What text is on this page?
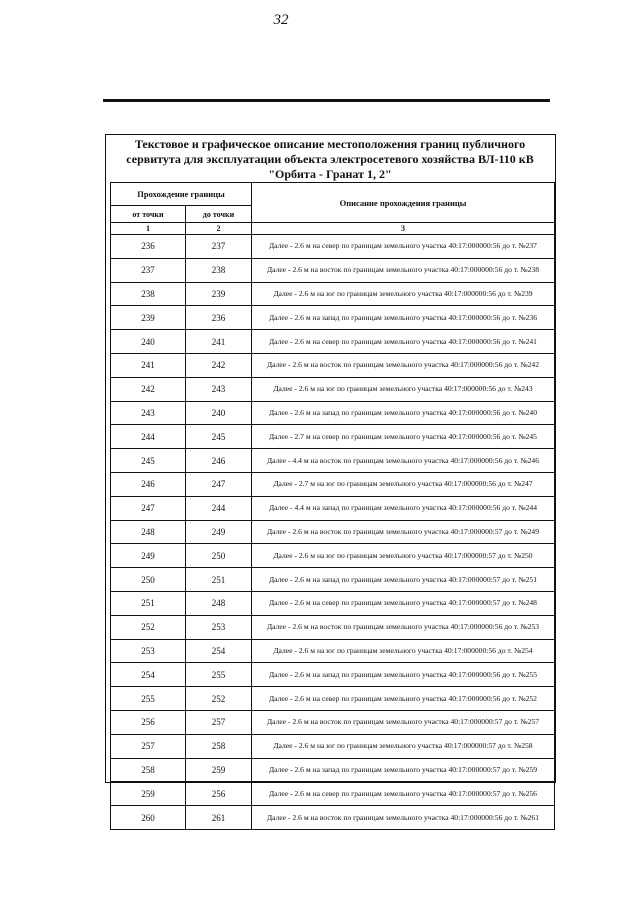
32
Текстовое и графическое описание местоположения границ публичного
сервитута для эксплуатации объекта электросетевого хозяйства ВЛ-110 кВ
"Орбита - Гранат 1, 2"
Прохождение границы		Описание прохождения границы
от точки	до точки	
1	2	3
236	237	Далее - 2.6 м на север по границам земельного участка 40:17:000000:56 до т. №237
237	238	Далее - 2.6 м на восток по границам земельного участка 40:17:000000:56 до т. №238
238	239	Далее - 2.6 м на юг по границам земельного участка 40:17:000000:56 до т. №239
239	236	Далее - 2.6 м на запад по границам земельного участка 40:17:000000:56 до т. №236
240	241	Далее - 2.6 м на север по границам земельного участка 40:17:000000:56 до т. №241
241	242	Далее - 2.6 м на восток по границам земельного участка 40:17:000000:56 до т. №242
242	243	Далее - 2.6 м на юг по границам земельного участка 40:17:000000:56 до т. №243
243	240	Далее - 2.6 м на запад по границам земельного участка 40:17:000000:56 до т. №240
244	245	Далее - 2.7 м на север по границам земельного участка 40:17:000000:56 до т. №245
245	246	Далее - 4.4 м на восток по границам земельного участка 40:17:000000:56 до т. №246
246	247	Далее - 2.7 м на юг по границам земельного участка 40:17:000000:56 до т. №247
247	244	Далее - 4.4 м на запад по границам земельного участка 40:17:000000:56 до т. №244
248	249	Далее - 2.6 м на восток по границам земельного участка 40:17:000000:57 до т. №249
249	250	Далее - 2.6 м на юг по границам земельного участка 40:17:000000:57 до т. №250
250	251	Далее - 2.6 м на запад по границам земельного участка 40:17:000000:57 до т. №251
251	248	Далее - 2.6 м на север по границам земельного участка 40:17:000000:57 до т. №248
252	253	Далее - 2.6 м на восток по границам земельного участка 40:17:000000:56 до т. №253
253	254	Далее - 2.6 м на юг по границам земельного участка 40:17:000000:56 до т. №254
254	255	Далее - 2.6 м на запад по границам земельного участка 40:17:000000:56 до т. №255
255	252	Далее - 2.6 м на север по границам земельного участка 40:17:000000:56 до т. №252
256	257	Далее - 2.6 м на восток по границам земельного участка 40:17:000000:57 до т. №257
257	258	Далее - 2.6 м на юг по границам земельного участка 40:17:000000:57 до т. №258
258	259	Далее - 2.6 м на запад по границам земельного участка 40:17:000000:57 до т. №259
259	256	Далее - 2.6 м на север по границам земельного участка 40:17:000000:57 до т. №256
260	261	Далее - 2.6 м на восток по границам земельного участка 40:17:000000:56 до т. №261
